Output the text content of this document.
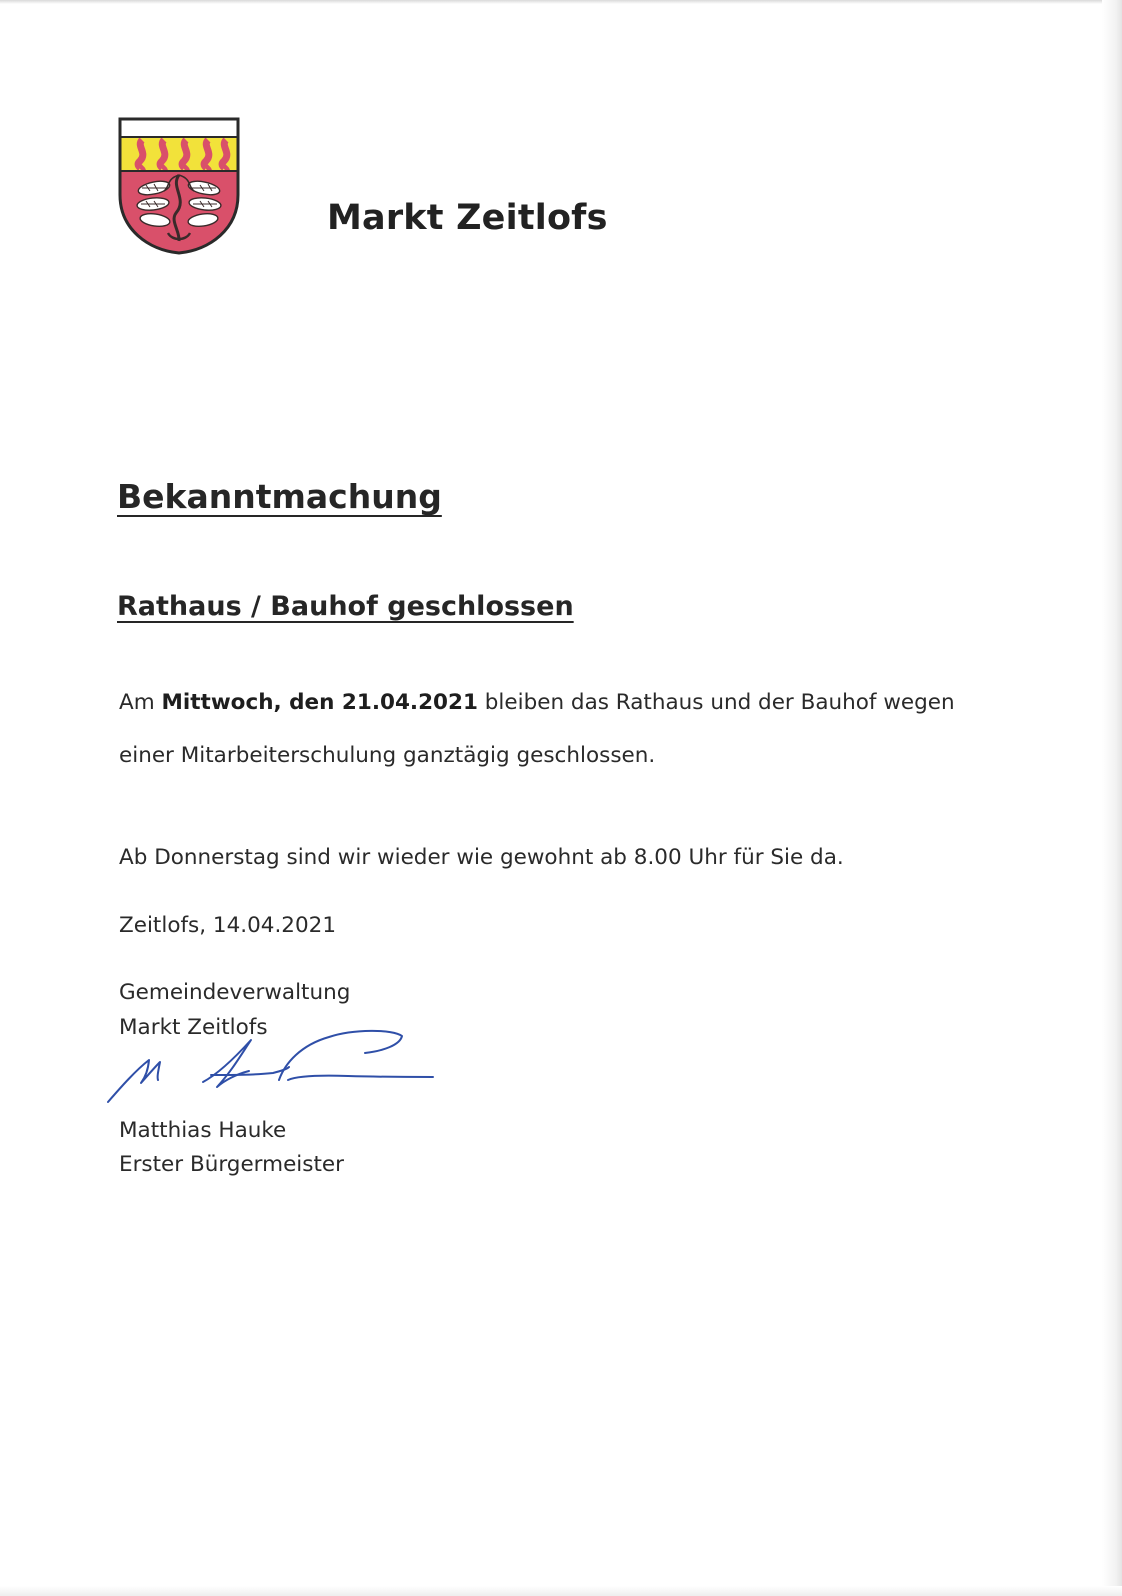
Markt Zeitlofs
Bekanntmachung
Rathaus / Bauhof geschlossen
Am Mittwoch, den 21.04.2021 bleiben das Rathaus und der Bauhof wegen
einer Mitarbeiterschulung ganztägig geschlossen.
Ab Donnerstag sind wir wieder wie gewohnt ab 8.00 Uhr für Sie da.
Zeitlofs, 14.04.2021
Gemeindeverwaltung
Markt Zeitlofs
Matthias Hauke
Erster Bürgermeister
